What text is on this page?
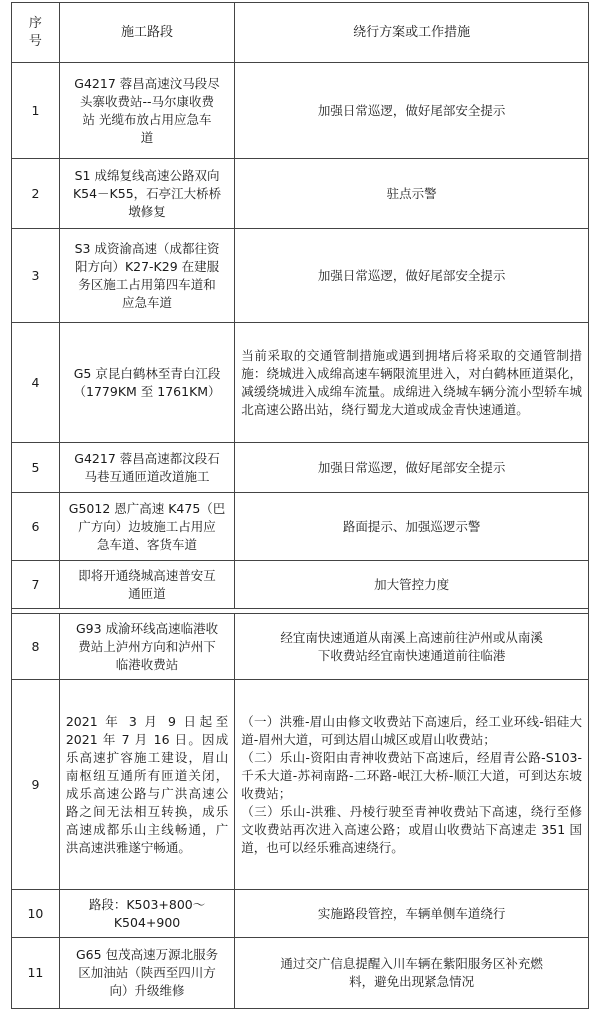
序
号
施工路段	绕行方案或工作措施
1
G4217 蓉昌高速汶马段尽
头寨收费站--马尔康收费
站 光缆布放占用应急车
道
加强日常巡逻，做好尾部安全提示
2
S1 成绵复线高速公路双向
K54－K55，石亭江大桥桥
墩修复
驻点示警
3
S3 成资渝高速（成都往资
阳方向）K27-K29 在建服
务区施工占用第四车道和
应急车道
加强日常巡逻，做好尾部安全提示
4
G5 京昆白鹤林至青白江段
（1779KM 至 1761KM）
当前采取的交通管制措施或遇到拥堵后将采取的交通管制措施：绕城进入成绵高速车辆限流里进入，对白鹤林匝道渠化，减缓绕城进入成绵车流量。成绵进入绕城车辆分流小型轿车城北高速公路出站，绕行蜀龙大道或成金青快速通道。
5
G4217 蓉昌高速都汶段石
马巷互通匝道改道施工
加强日常巡逻，做好尾部安全提示
6
G5012 恩广高速 K475（巴
广方向）边坡施工占用应
急车道、客货车道
路面提示、加强巡逻示警
7
即将开通绕城高速普安互
通匝道
加大管控力度
8
G93 成渝环线高速临港收
费站上泸州方向和泸州下
临港收费站
经宜南快速通道从南溪上高速前往泸州或从南溪
下收费站经宜南快速通道前往临港
9
2021 年 3 月 9 日起至 2021 年 7 月 16 日。因成乐高速扩容施工建设，眉山南枢纽互通所有匝道关闭，成乐高速公路与广洪高速公路之间无法相互转换，成乐高速成都乐山主线畅通，广洪高速洪雅遂宁畅通。
（一）洪雅-眉山由修文收费站下高速后，经工业环线-铝硅大道-眉州大道，可到达眉山城区或眉山收费站；
（二）乐山-资阳由青神收费站下高速后，经眉青公路-S103-千禾大道-苏祠南路-二环路-岷江大桥-顺江大道，可到达东坡收费站；
（三）乐山-洪雅、丹棱行驶至青神收费站下高速，绕行至修文收费站再次进入高速公路；或眉山收费站下高速走 351 国道，也可以经乐雅高速绕行。
10
路段：K503+800～
K504+900
实施路段管控，车辆单侧车道绕行
11
G65 包茂高速万源北服务
区加油站（陕西至四川方
向）升级维修
通过交广信息提醒入川车辆在紫阳服务区补充燃
料，避免出现紧急情况
